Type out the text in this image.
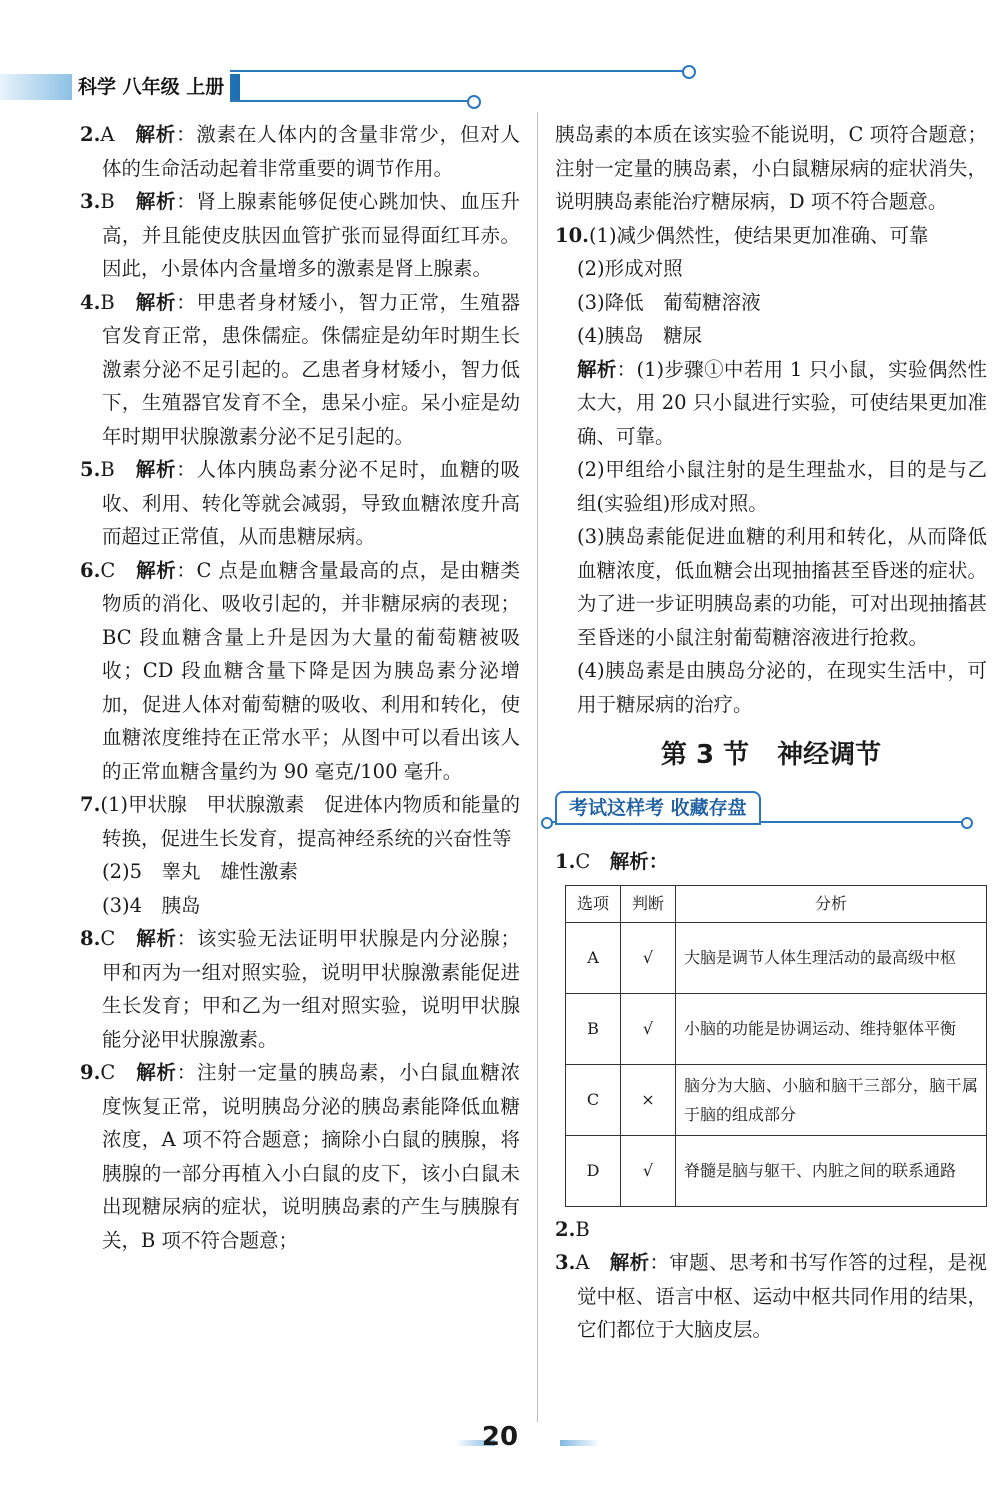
科学 八年级 上册

2.A　 解析：激素在人体内的含量非常少，但对人体的生命活动起着非常重要的调节作用。

3.B　 解析：肾上腺素能够促使心跳加快、血压升高，并且能使皮肤因血管扩张而显得面红耳赤。因此，小景体内含量增多的激素是肾上腺素。

4.B　 解析：甲患者身材矮小，智力正常，生殖器官发育正常，患侏儒症。侏儒症是幼年时期生长激素分泌不足引起的。乙患者身材矮小，智力低下，生殖器官发育不全，患呆小症。呆小症是幼年时期甲状腺激素分泌不足引起的。

5.B　 解析：人体内胰岛素分泌不足时，血糖的吸收、利用、转化等就会减弱，导致血糖浓度升高而超过正常值，从而患糖尿病。

6.C　 解析：C 点是血糖含量最高的点，是由糖类物质的消化、吸收引起的，并非糖尿病的表现；BC 段血糖含量上升是因为大量的葡萄糖被吸收；CD 段血糖含量下降是因为胰岛素分泌增加，促进人体对葡萄糖的吸收、利用和转化，使血糖浓度维持在正常水平；从图中可以看出该人的正常血糖含量约为 90 毫克/100 毫升。

7.(1)甲状腺　甲状腺激素　促进体内物质和能量的转换，促进生长发育，提高神经系统的兴奋性等

(2)5　睾丸　雄性激素

(3)4　胰岛

8.C　 解析：该实验无法证明甲状腺是内分泌腺；甲和丙为一组对照实验，说明甲状腺激素能促进生长发育；甲和乙为一组对照实验，说明甲状腺能分泌甲状腺激素。

9.C　 解析：注射一定量的胰岛素，小白鼠血糖浓度恢复正常，说明胰岛分泌的胰岛素能降低血糖浓度，A 项不符合题意；摘除小白鼠的胰腺，将胰腺的一部分再植入小白鼠的皮下，该小白鼠未出现糖尿病的症状，说明胰岛素的产生与胰腺有关，B 项不符合题意；

胰岛素的本质在该实验不能说明，C 项符合题意；注射一定量的胰岛素，小白鼠糖尿病的症状消失，说明胰岛素能治疗糖尿病，D 项不符合题意。

10.(1)减少偶然性，使结果更加准确、可靠

(2)形成对照

(3)降低　葡萄糖溶液

(4)胰岛　糖尿

解析：(1)步骤①中若用 1 只小鼠，实验偶然性太大，用 20 只小鼠进行实验，可使结果更加准确、可靠。

(2)甲组给小鼠注射的是生理盐水，目的是与乙组(实验组)形成对照。

(3)胰岛素能促进血糖的利用和转化，从而降低血糖浓度，低血糖会出现抽搐甚至昏迷的症状。为了进一步证明胰岛素的功能，可对出现抽搐甚至昏迷的小鼠注射葡萄糖溶液进行抢救。

(4)胰岛素是由胰岛分泌的，在现实生活中，可用于糖尿病的治疗。

第 3 节 神经调节
考试这样考 收藏存盘

1.C　 解析：

选项	判断	分析
A	√	大脑是调节人体生理活动的最高级中枢
B	√	小脑的功能是协调运动、维持躯体平衡
C	×	脑分为大脑、小脑和脑干三部分，脑干属于脑的组成部分
D	√	脊髓是脑与躯干、内脏之间的联系通路

2.B

3.A　 解析：审题、思考和书写作答的过程，是视觉中枢、语言中枢、运动中枢共同作用的结果，它们都位于大脑皮层。

20
